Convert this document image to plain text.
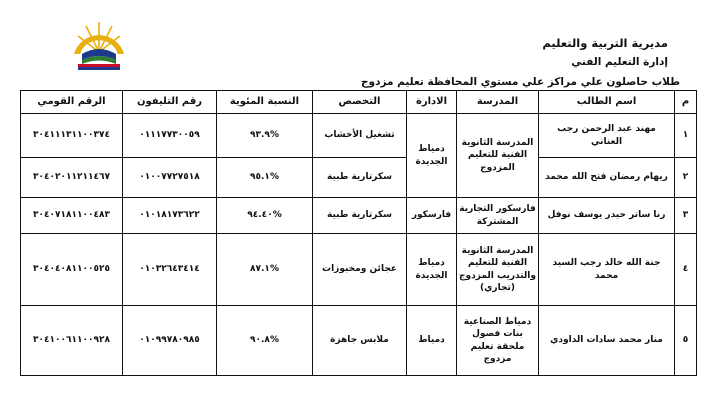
مديرية التربية والتعليم
إدارة التعليم الفني
طلاب حاصلون علي مراكز علي مستوي المحافظة تعليم مزدوج
م	اسم الطالب	المدرسة	الادارة	التخصص	النسبة المئوية	رقم التليفون	الرقم القومي
١	مهند عبد الرحمن رجب العناني	المدرسة الثانوية الفنية للتعليم المزدوج	دمياط الجديدة	تشغيل الأخشاب	%٩٣.٩	٠١١١٧٧٣٠٠٥٩	٣٠٤١١١٣١١٠٠٣٧٤
٢	ريهام رمضان فتح الله محمد			سكرتارية طبية	%٩٥.١	٠١٠٠٧٧٢٧٥١٨	٣٠٤٠٢٠١١٢١١٤٦٧
٣	رنا ساتر حيدر يوسف نوفل	فارسكور التجارية المشتركة	فارسكور	سكرتارية طبية	%٩٤.٤٠	٠١٠١٨١٧٣٦٢٢	٣٠٤٠٧١٨١١٠٠٤٨٣
٤	جنة الله خالد رجب السيد محمد	المدرسة الثانوية الفنية للتعليم والتدريب المزدوج (تجاري)	دمياط الجديدة	عجائن ومخبوزات	%٨٧.١	٠١٠٣٢٦٤٣٤١٤	٣٠٤٠٤٠٨١١٠٠٥٢٥
٥	منار محمد سادات الداودي	دمياط الصناعية بنات فصول ملحقة تعليم مزدوج	دمياط	ملابس جاهزة	%٩٠.٨	٠١٠٩٩٧٨٠٩٨٥	٣٠٤١٠٠٦١١٠٠٩٢٨
